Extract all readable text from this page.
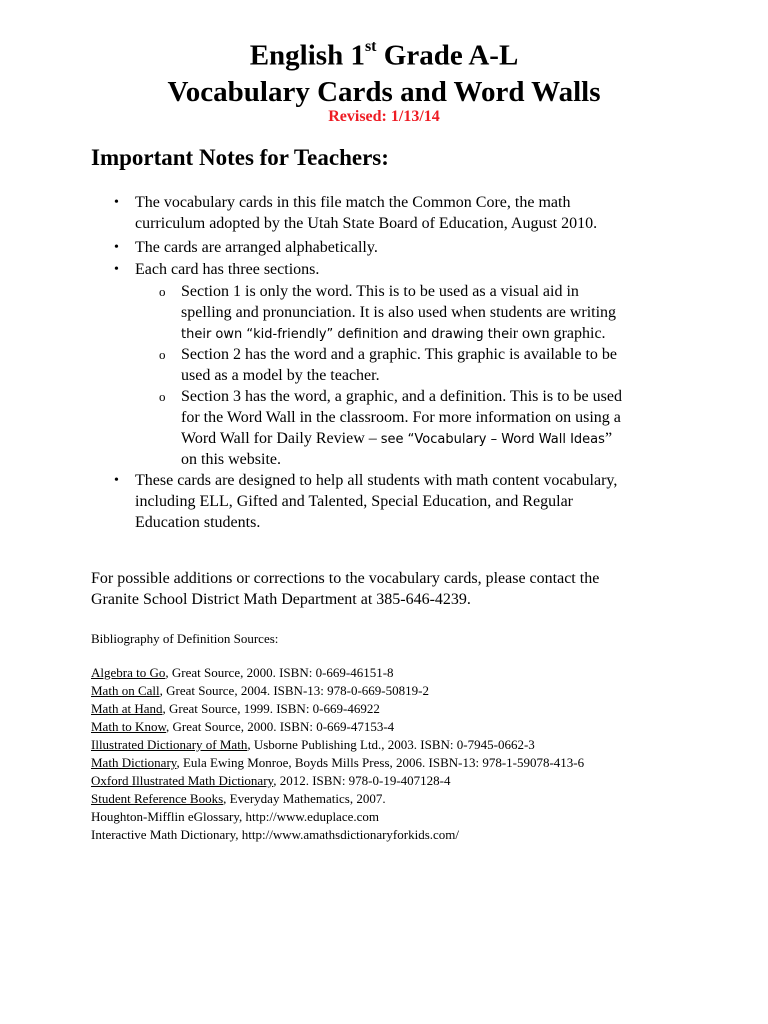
English 1st Grade A-L
Vocabulary Cards and Word Walls
Revised: 1/13/14
Important Notes for Teachers:
• The vocabulary cards in this file match the Common Core, the math
curriculum adopted by the Utah State Board of Education, August 2010.
• The cards are arranged alphabetically.
• Each card has three sections.
o Section 1 is only the word. This is to be used as a visual aid in
spelling and pronunciation. It is also used when students are writing
their own “kid-friendly” definition and drawing their own graphic.
o Section 2 has the word and a graphic. This graphic is available to be
used as a model by the teacher.
o Section 3 has the word, a graphic, and a definition. This is to be used
for the Word Wall in the classroom. For more information on using a
Word Wall for Daily Review – see “Vocabulary – Word Wall Ideas”
on this website.
• These cards are designed to help all students with math content vocabulary,
including ELL, Gifted and Talented, Special Education, and Regular
Education students.
For possible additions or corrections to the vocabulary cards, please contact the
Granite School District Math Department at 385-646-4239.
Bibliography of Definition Sources:
Algebra to Go, Great Source, 2000. ISBN: 0-669-46151-8
Math on Call, Great Source, 2004. ISBN-13: 978-0-669-50819-2
Math at Hand, Great Source, 1999. ISBN: 0-669-46922
Math to Know, Great Source, 2000. ISBN: 0-669-47153-4
Illustrated Dictionary of Math, Usborne Publishing Ltd., 2003. ISBN: 0-7945-0662-3
Math Dictionary, Eula Ewing Monroe, Boyds Mills Press, 2006. ISBN-13: 978-1-59078-413-6
Oxford Illustrated Math Dictionary, 2012. ISBN: 978-0-19-407128-4
Student Reference Books, Everyday Mathematics, 2007.
Houghton-Mifflin eGlossary, http://www.eduplace.com
Interactive Math Dictionary, http://www.amathsdictionaryforkids.com/
